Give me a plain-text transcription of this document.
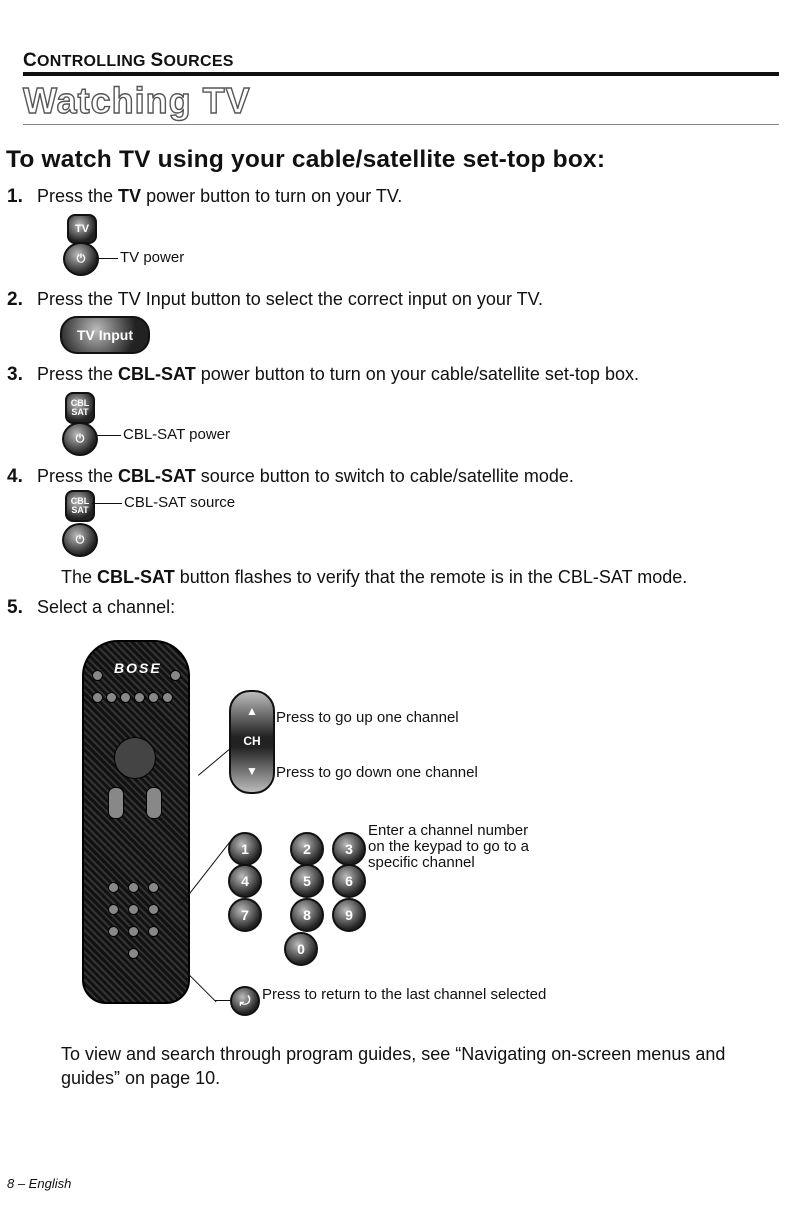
CONTROLLING SOURCES
Watching TV
To watch TV using your cable/satellite set-top box:
1. Press the TV power button to turn on your TV.
TV
⏻ TV power
2. Press the TV Input button to select the correct input on your TV.
TV Input
3. Press the CBL-SAT power button to turn on your cable/satellite set-top box.
CBL
SAT
⏻	CBL-SAT power
4. Press the CBL-SAT source button to switch to cable/satellite mode.
CBL
SAT CBL-SAT source
⏻
The CBL-SAT button flashes to verify that the remote is in the CBL-SAT mode.
5. Select a channel:
BOSE
▲
CH
▼
Press to go up one channel
Press to go down one channel
1	2 3
4	5 6
7	8 9
0
Enter a channel number
on the keypad to go to a
specific channel
⤾ Press to return to the last channel selected
To view and search through program guides, see “Navigating on-screen menus and guides” on page 10.
8 – English
